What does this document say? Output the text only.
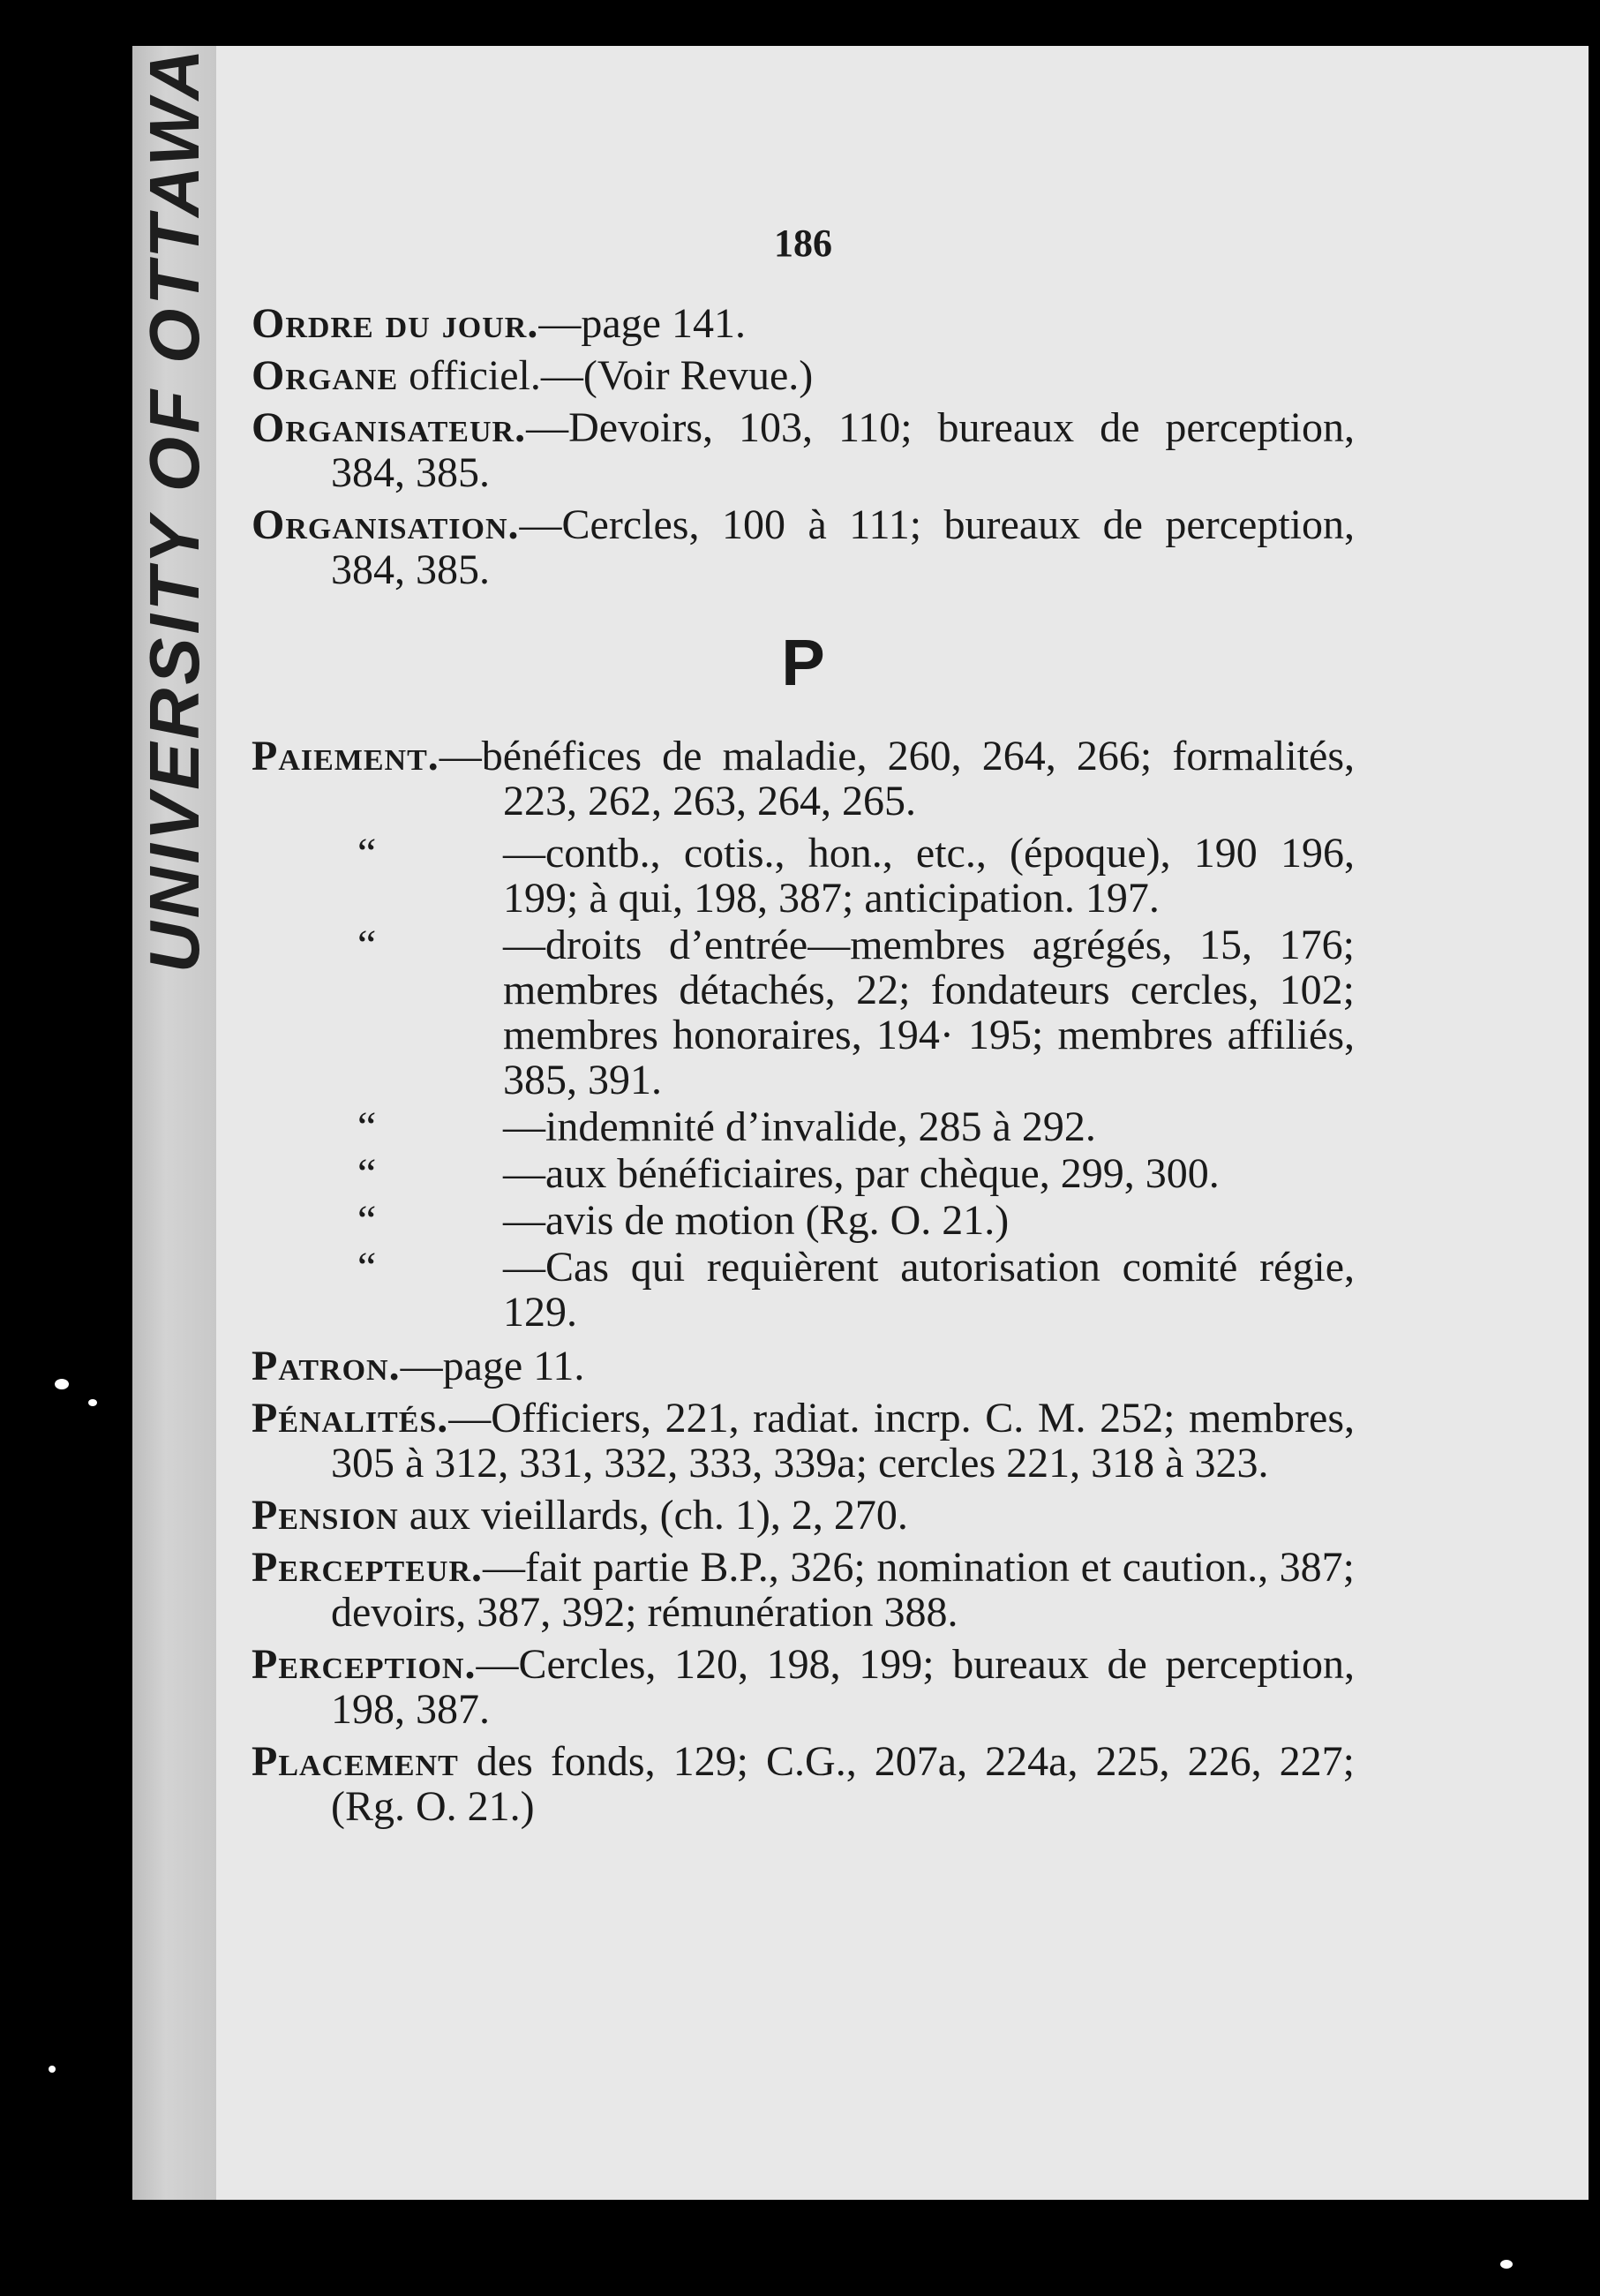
UNIVERSITY OF OTTAWA	186

Ordre du jour.—page 141.

Organe officiel.—(Voir Revue.)

Organisateur.—Devoirs, 103, 110; bureaux de perception, 384, 385.

Organisation.—Cercles, 100 à 111; bureaux de perception, 384, 385.

P

Paiement.—bénéfices de maladie, 260, 264, 266; formalités, 223, 262, 263, 264, 265.

“	—contb., cotis., hon., etc., (époque), 190 196, 199; à qui, 198, 387; anticipation. 197.

“	—droits d’entrée—membres agrégés, 15, 176; membres détachés, 22; fondateurs cercles, 102; membres honoraires, 194· 195; membres affiliés, 385, 391.

“	—indemnité d’invalide, 285 à 292.

“	—aux bénéficiaires, par chèque, 299, 300.

“	—avis de motion (Rg. O. 21.)

“	—Cas qui requièrent autorisation comité régie, 129.

Patron.—page 11.

Pénalités.—Officiers, 221, radiat. incrp. C. M. 252; membres, 305 à 312, 331, 332, 333, 339a; cercles 221, 318 à 323.

Pension aux vieillards, (ch. 1), 2, 270.

Percepteur.—fait partie B.P., 326; nomination et caution., 387; devoirs, 387, 392; rémunération 388.

Perception.—Cercles, 120, 198, 199; bureaux de perception, 198, 387.

Placement des fonds, 129; C.G., 207a, 224a, 225, 226, 227; (Rg. O. 21.)
